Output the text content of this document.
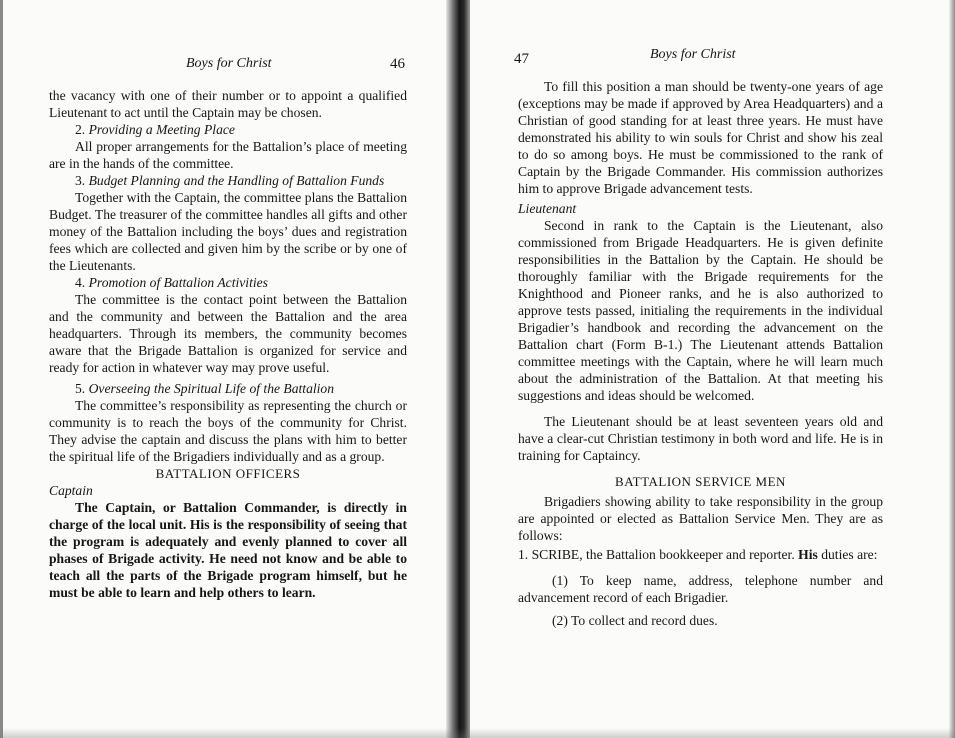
Boys for Christ	46

the vacancy with one of their number or to appoint a qualified Lieutenant to act until the Captain may be chosen.

2. Providing a Meeting Place

All proper arrangements for the Battalion’s place of meeting are in the hands of the committee.

3. Budget Planning and the Handling of Battalion Funds

Together with the Captain, the committee plans the Battalion Budget. The treasurer of the committee handles all gifts and other money of the Battalion including the boys’ dues and registration fees which are collected and given him by the scribe or by one of the Lieutenants.

4. Promotion of Battalion Activities

The committee is the contact point between the Battalion and the community and between the Battalion and the area headquarters. Through its members, the community becomes aware that the Brigade Battalion is organized for service and ready for action in whatever way may prove useful.

5. Overseeing the Spiritual Life of the Battalion

The committee’s responsibility as representing the church or community is to reach the boys of the community for Christ. They advise the captain and discuss the plans with him to better the spiritual life of the Brigadiers individually and as a group.

BATTALION OFFICERS

Captain

The Captain, or Battalion Commander, is directly in charge of the local unit. His is the responsibility of seeing that the program is adequately and evenly planned to cover all phases of Brigade activity. He need not know and be able to teach all the parts of the Brigade program himself, but he must be able to learn and help others to learn.

47	Boys for Christ

To fill this position a man should be twenty-one years of age (exceptions may be made if approved by Area Headquarters) and a Christian of good standing for at least three years. He must have demonstrated his ability to win souls for Christ and show his zeal to do so among boys. He must be commissioned to the rank of Captain by the Brigade Commander. His commission authorizes him to approve Brigade advancement tests.

Lieutenant

Second in rank to the Captain is the Lieutenant, also commissioned from Brigade Headquarters. He is given definite responsibilities in the Battalion by the Captain. He should be thoroughly familiar with the Brigade requirements for the Knighthood and Pioneer ranks, and he is also authorized to approve tests passed, initialing the requirements in the individual Brigadier’s handbook and recording the advancement on the Battalion chart (Form B-1.) The Lieutenant attends Battalion committee meetings with the Captain, where he will learn much about the administration of the Battalion. At that meeting his suggestions and ideas should be welcomed.

The Lieutenant should be at least seventeen years old and have a clear-cut Christian testimony in both word and life. He is in training for Captaincy.

BATTALION SERVICE MEN

Brigadiers showing ability to take responsibility in the group are appointed or elected as Battalion Service Men. They are as follows:

1. SCRIBE, the Battalion bookkeeper and reporter. His duties are:

(1) To keep name, address, telephone number and advancement record of each Brigadier.

(2) To collect and record dues.
